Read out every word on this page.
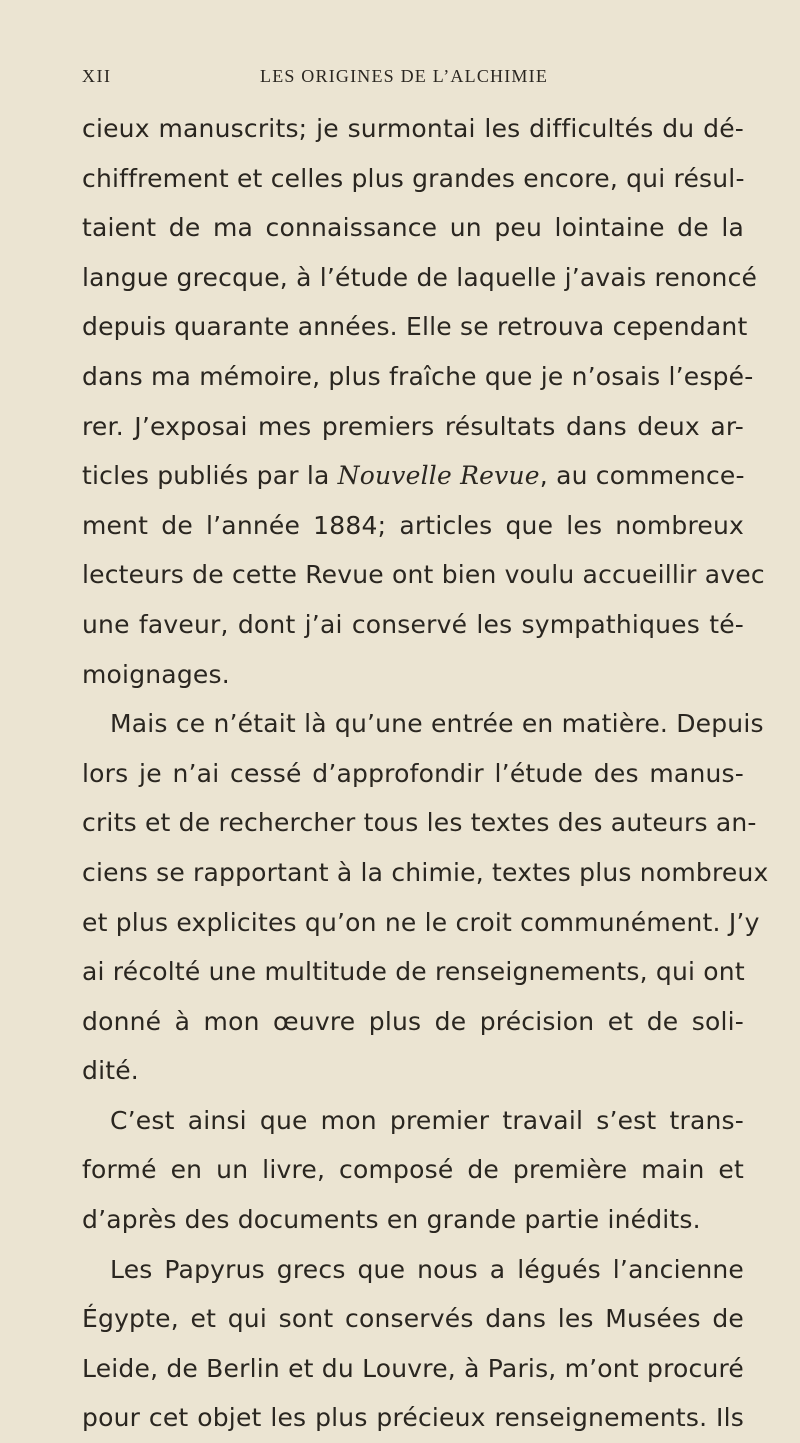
XII	LES ORIGINES DE L’ALCHIMIE
cieux manuscrits; je surmontai les difficultés du dé-
chiffrement et celles plus grandes encore, qui résul-
taient de ma connaissance un peu lointaine de la
langue grecque, à l’étude de laquelle j’avais renoncé
depuis quarante années. Elle se retrouva cependant
dans ma mémoire, plus fraîche que je n’osais l’espé-
rer. J’exposai mes premiers résultats dans deux ar-
ticles publiés par la Nouvelle Revue, au commence-
ment de l’année 1884; articles que les nombreux
lecteurs de cette Revue ont bien voulu accueillir avec
une faveur, dont j’ai conservé les sympathiques té-
moignages.
Mais ce n’était là qu’une entrée en matière. Depuis
lors je n’ai cessé d’approfondir l’étude des manus-
crits et de rechercher tous les textes des auteurs an-
ciens se rapportant à la chimie, textes plus nombreux
et plus explicites qu’on ne le croit communément. J’y
ai récolté une multitude de renseignements, qui ont
donné à mon œuvre plus de précision et de soli-
dité.
C’est ainsi que mon premier travail s’est trans-
formé en un livre, composé de première main et
d’après des documents en grande partie inédits.
Les Papyrus grecs que nous a légués l’ancienne
Égypte, et qui sont conservés dans les Musées de
Leide, de Berlin et du Louvre, à Paris, m’ont procuré
pour cet objet les plus précieux renseignements. Ils
